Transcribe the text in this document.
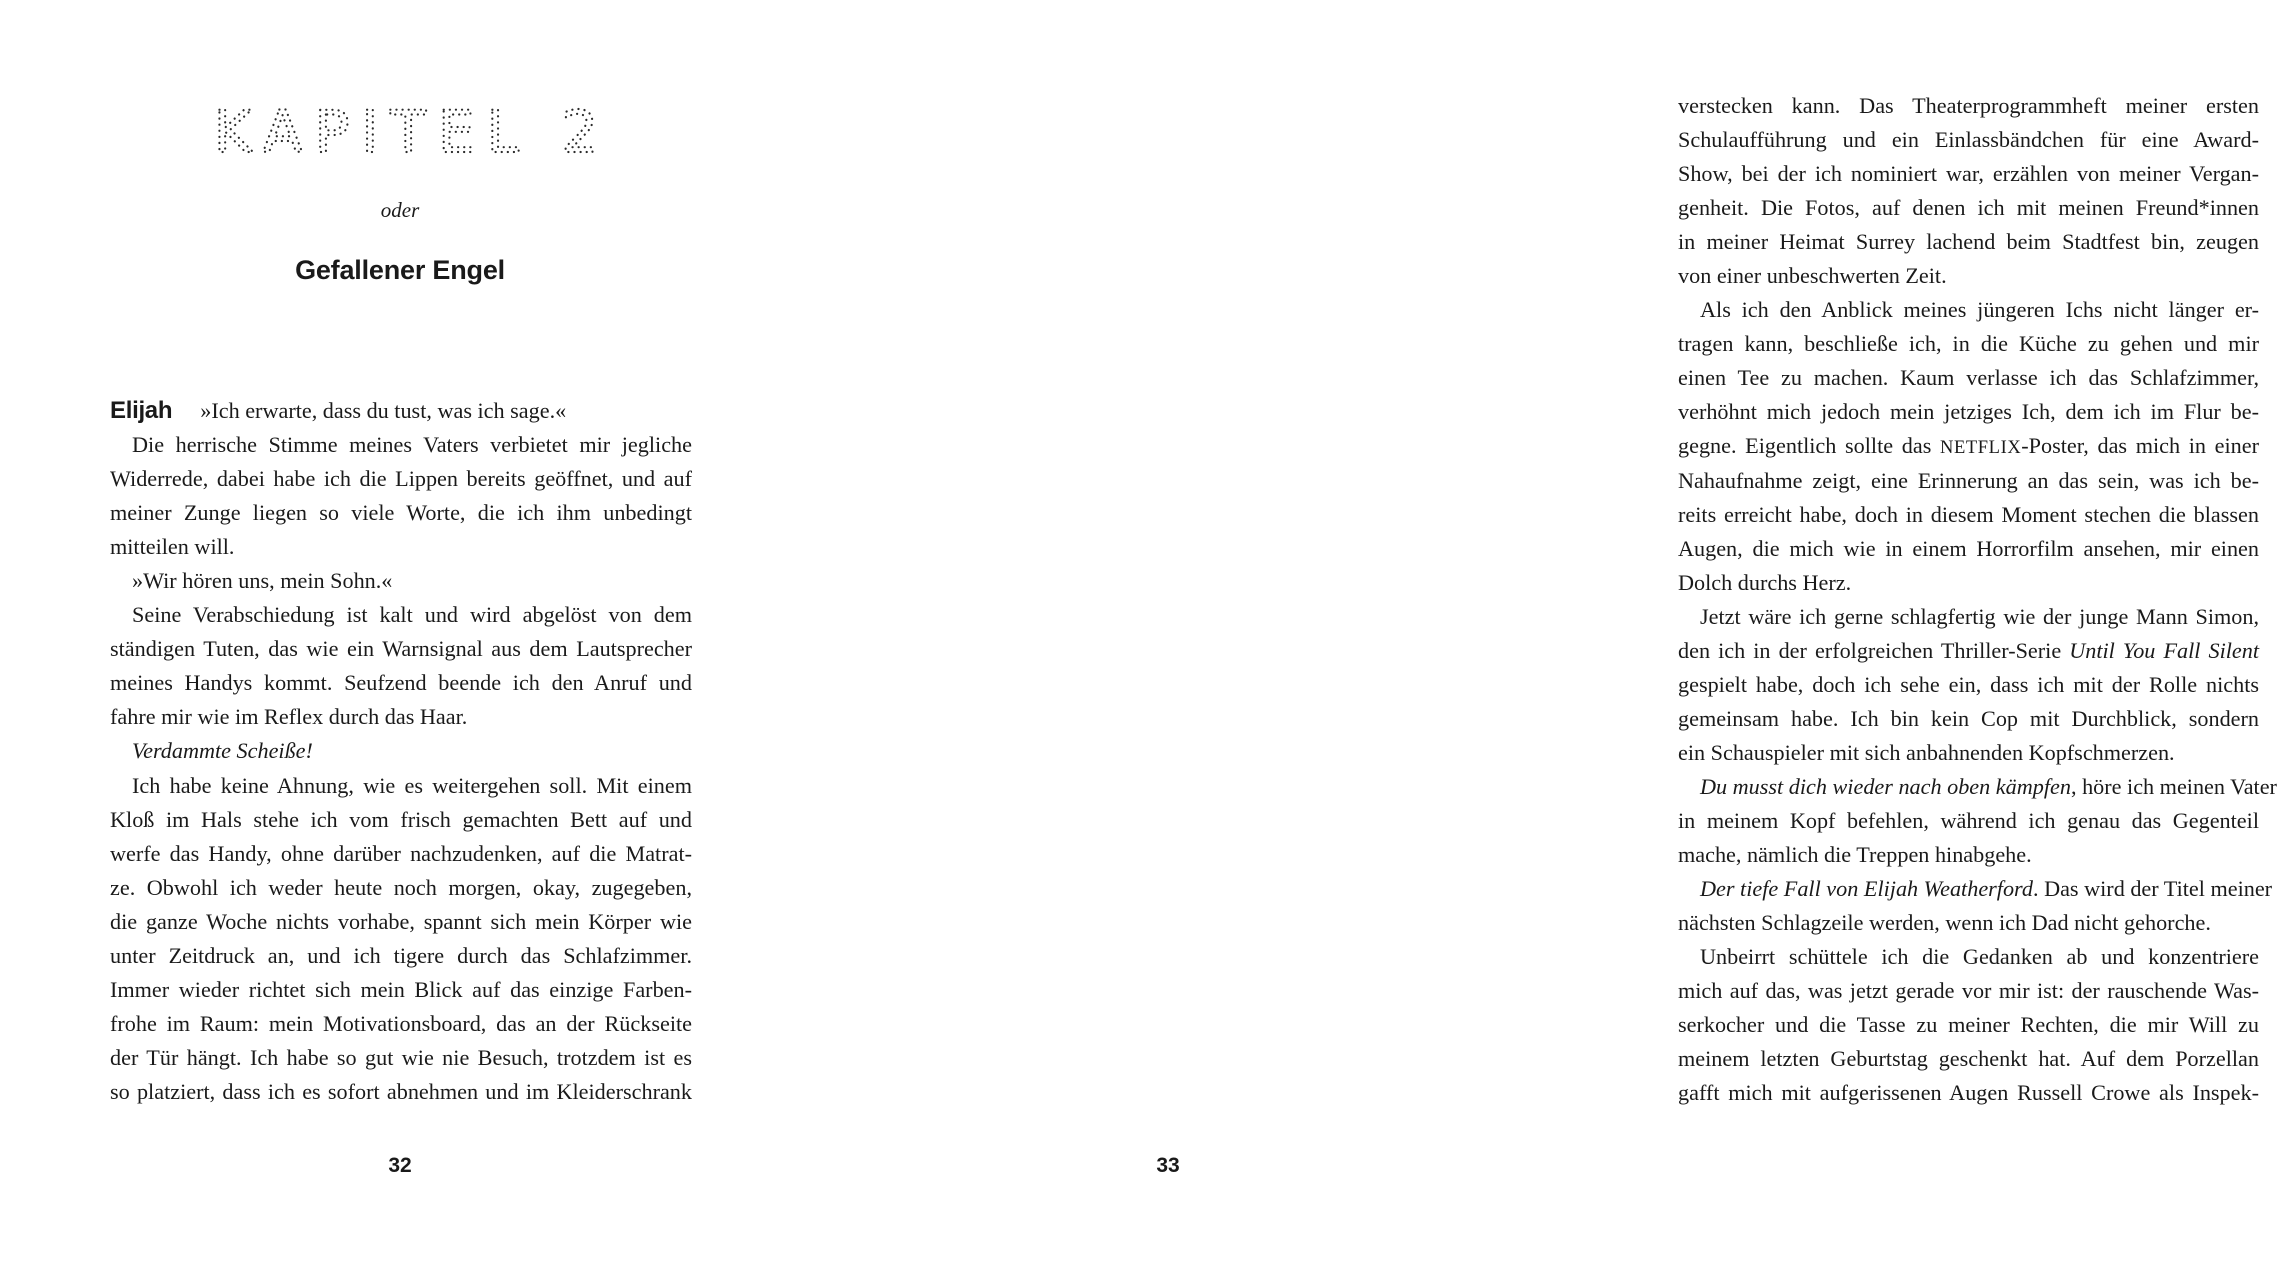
KAPITEL 2
oder
Gefallener Engel
Elijah »Ich erwarte, dass du tust, was ich sage.«
Die herrische Stimme meines Vaters verbietet mir jegliche
Widerrede, dabei habe ich die Lippen bereits geöffnet, und auf
meiner Zunge liegen so viele Worte, die ich ihm unbedingt
mitteilen will.
»Wir hören uns, mein Sohn.«
Seine Verabschiedung ist kalt und wird abgelöst von dem
ständigen Tuten, das wie ein Warnsignal aus dem Lautsprecher
meines Handys kommt. Seufzend beende ich den Anruf und
fahre mir wie im Reflex durch das Haar.
Verdammte Scheiße!
Ich habe keine Ahnung, wie es weitergehen soll. Mit einem
Kloß im Hals stehe ich vom frisch gemachten Bett auf und
werfe das Handy, ohne darüber nachzudenken, auf die Matrat-
ze. Obwohl ich weder heute noch morgen, okay, zugegeben,
die ganze Woche nichts vorhabe, spannt sich mein Körper wie
unter Zeitdruck an, und ich tigere durch das Schlafzimmer.
Immer wieder richtet sich mein Blick auf das einzige Farben-
frohe im Raum: mein Motivationsboard, das an der Rückseite
der Tür hängt. Ich habe so gut wie nie Besuch, trotzdem ist es
so platziert, dass ich es sofort abnehmen und im Kleiderschrank
32
verstecken kann. Das Theaterprogrammheft meiner ersten
Schulaufführung und ein Einlassbändchen für eine Award-
Show, bei der ich nominiert war, erzählen von meiner Vergan-
genheit. Die Fotos, auf denen ich mit meinen Freund*innen
in meiner Heimat Surrey lachend beim Stadtfest bin, zeugen
von einer unbeschwerten Zeit.
Als ich den Anblick meines jüngeren Ichs nicht länger er-
tragen kann, beschließe ich, in die Küche zu gehen und mir
einen Tee zu machen. Kaum verlasse ich das Schlafzimmer,
verhöhnt mich jedoch mein jetziges Ich, dem ich im Flur be-
gegne. Eigentlich sollte das NETFLIX-Poster, das mich in einer
Nahaufnahme zeigt, eine Erinnerung an das sein, was ich be-
reits erreicht habe, doch in diesem Moment stechen die blassen
Augen, die mich wie in einem Horrorfilm ansehen, mir einen
Dolch durchs Herz.
Jetzt wäre ich gerne schlagfertig wie der junge Mann Simon,
den ich in der erfolgreichen Thriller-Serie Until You Fall Silent
gespielt habe, doch ich sehe ein, dass ich mit der Rolle nichts
gemeinsam habe. Ich bin kein Cop mit Durchblick, sondern
ein Schauspieler mit sich anbahnenden Kopfschmerzen.
Du musst dich wieder nach oben kämpfen, höre ich meinen Vater
in meinem Kopf befehlen, während ich genau das Gegenteil
mache, nämlich die Treppen hinabgehe.
Der tiefe Fall von Elijah Weatherford. Das wird der Titel meiner
nächsten Schlagzeile werden, wenn ich Dad nicht gehorche.
Unbeirrt schüttele ich die Gedanken ab und konzentriere
mich auf das, was jetzt gerade vor mir ist: der rauschende Was-
serkocher und die Tasse zu meiner Rechten, die mir Will zu
meinem letzten Geburtstag geschenkt hat. Auf dem Porzellan
gafft mich mit aufgerissenen Augen Russell Crowe als Inspek-
33
